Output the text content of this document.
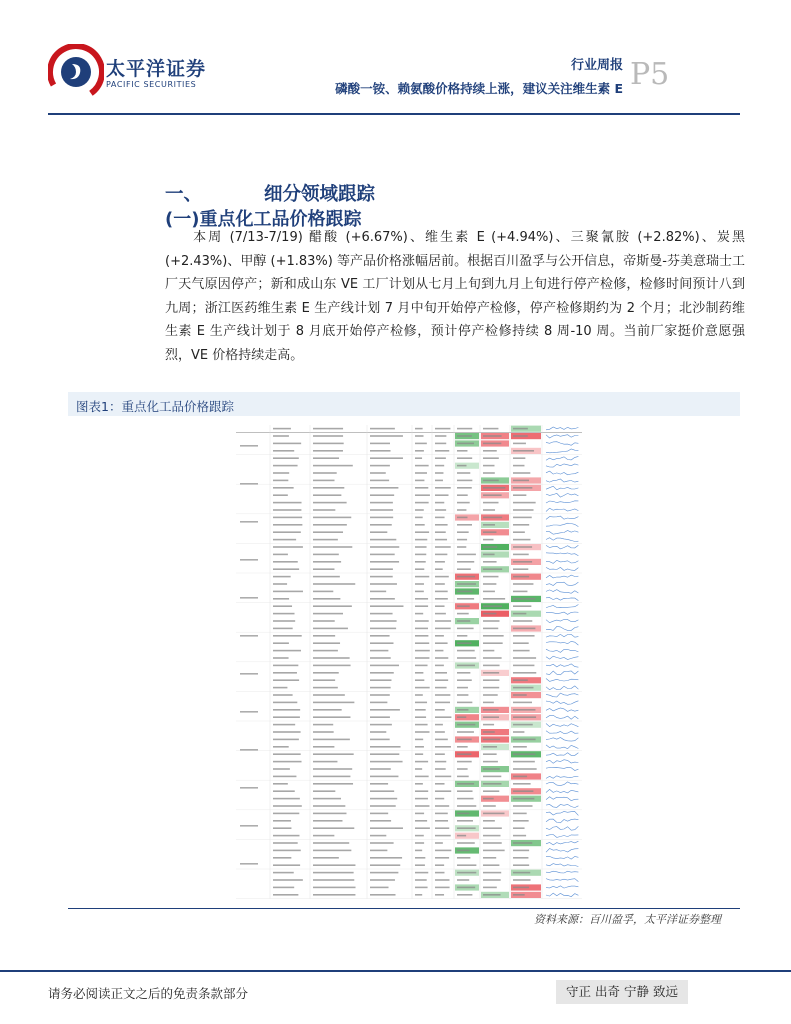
太平洋证券
PACIFIC SECURITIES
行业周报
磷酸一铵、赖氨酸价格持续上涨，建议关注维生素 E P5
一、	细分领域跟踪
(一)重点化工品价格跟踪
  本周 (7/13-7/19) 醋酸 (+6.67%)、维生素 E (+4.94%)、三聚氰胺 (+2.82%)、炭黑 (+2.43%)、甲醇 (+1.83%) 等产品价格涨幅居前。根据百川盈孚与公开信息，帝斯曼-芬美意瑞士工厂天气原因停产；新和成山东 VE 工厂计划从七月上旬到九月上旬进行停产检修，检修时间预计八到九周；浙江医药维生素 E 生产线计划 7 月中旬开始停产检修，停产检修期约为 2 个月；北沙制药维生素 E 生产线计划于 8 月底开始停产检修，预计停产检修持续 8 周-10 周。当前厂家挺价意愿强烈，VE 价格持续走高。
图表1：重点化工品价格跟踪
资料来源：百川盈孚，太平洋证券整理
请务必阅读正文之后的免责条款部分	守正 出奇 宁静 致远
